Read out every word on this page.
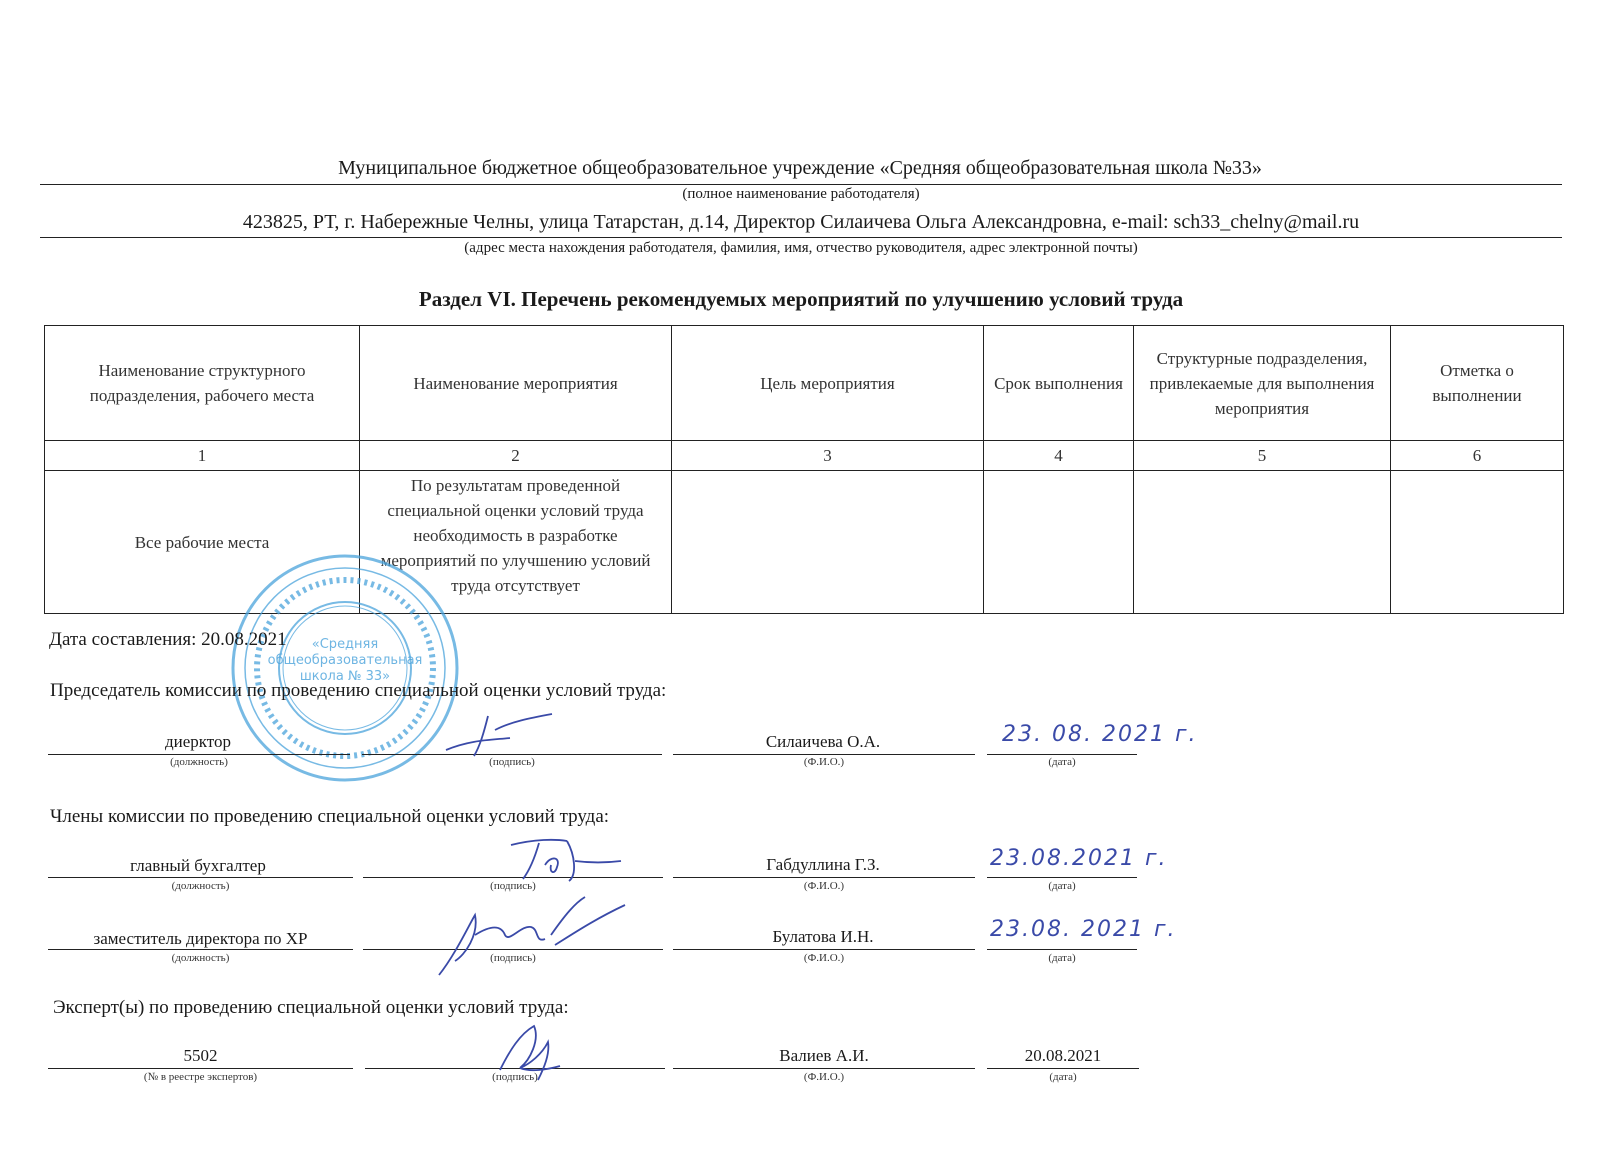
Муниципальное бюджетное общеобразовательное учреждение «Средняя общеобразовательная школа №33»
(полное наименование работодателя)
423825, РТ, г. Набережные Челны, улица Татарстан, д.14, Директор Силаичева Ольга Александровна, e-mail: sch33_chelny@mail.ru
(адрес места нахождения работодателя, фамилия, имя, отчество руководителя, адрес электронной почты)
Раздел VI. Перечень рекомендуемых мероприятий по улучшению условий труда
Наименование структурного подразделения, рабочего места	Наименование мероприятия	Цель мероприятия	Срок выполнения	Структурные подразделения, привлекаемые для выполнения мероприятия	Отметка о выполнении
1	2	3	4	5	6
Все рабочие места	По результатам проведенной специальной оценки условий труда необходимость в разработке мероприятий по улучшению условий труда отсутствует				
«Средняя
общеобразовательная
школа № 33»
Дата составления: 20.08.2021
Председатель комиссии по проведению специальной оценки условий труда:
диерктор
(должность)	(подпись)
Силаичева О.А.
(Ф.И.О.)
23. 08. 2021 г.
(дата)
Члены комиссии по проведению специальной оценки условий труда:
главный бухгалтер
(должность)	(подпись)
Габдуллина Г.З.
(Ф.И.О.)
23.08.2021 г.
(дата)
заместитель директора по ХР
(должность)	(подпись)
Булатова И.Н.
(Ф.И.О.)
23.08. 2021 г.
(дата)
Эксперт(ы) по проведению специальной оценки условий труда:
5502
(№ в реестре экспертов)	(подпись)
Валиев А.И.
(Ф.И.О.)
20.08.2021
(дата)
